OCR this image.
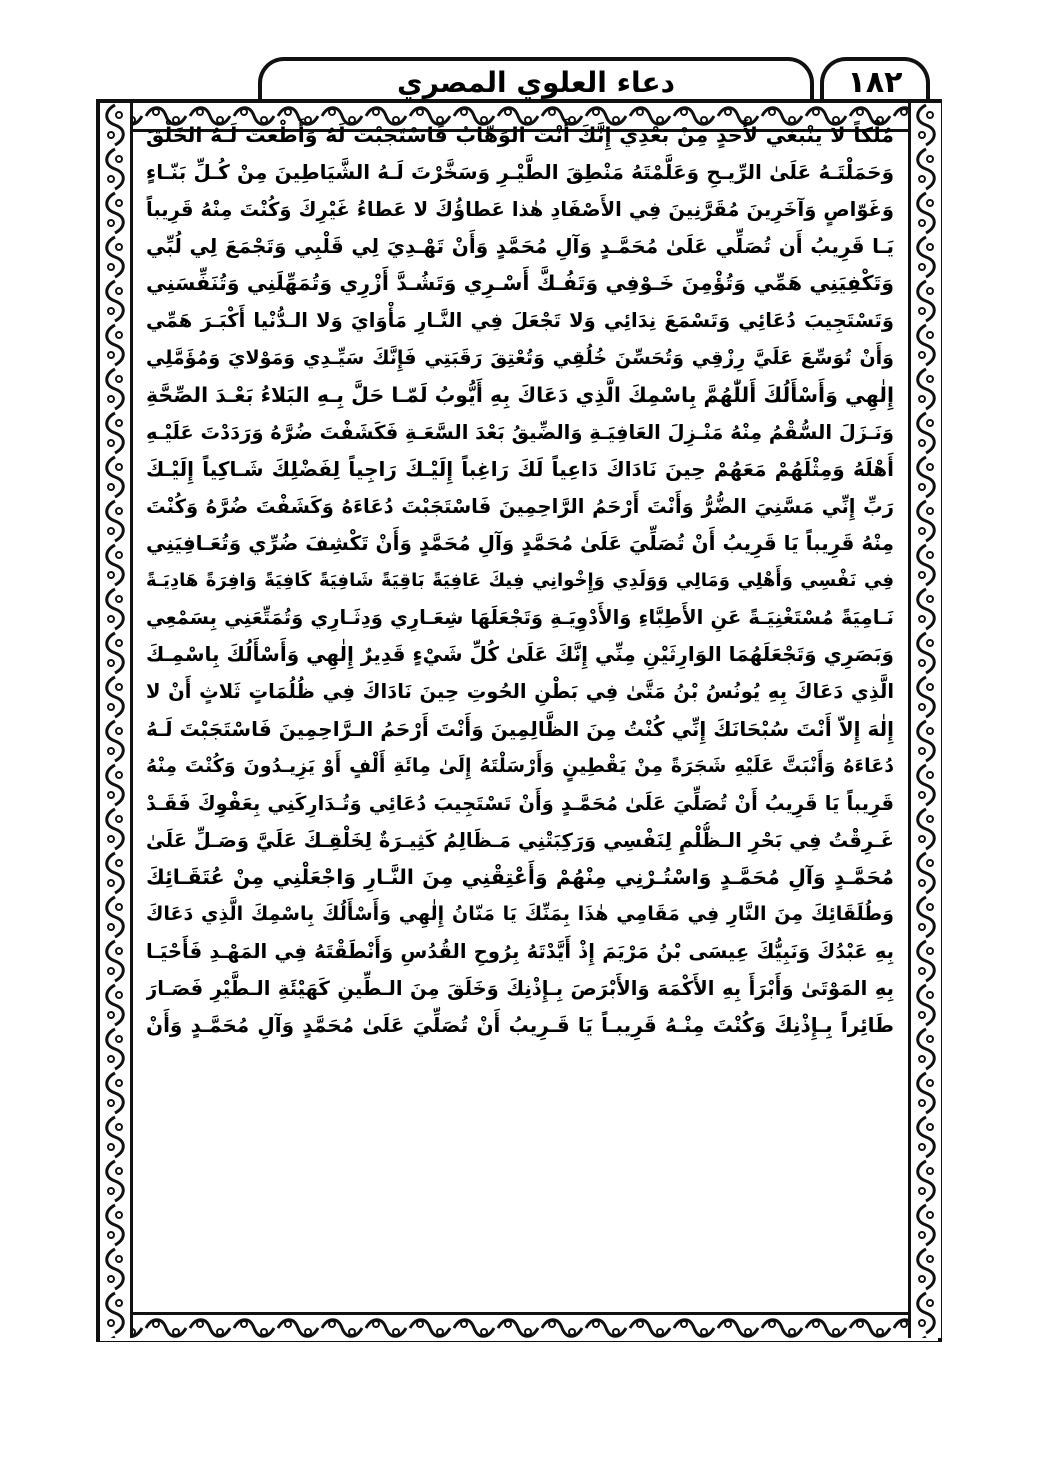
دعاء العلوي المصري	١٨٢
مُلْكاً لا يَنْبَغي لأَحدٍ مِنْ بَعْدِي إِنَّكَ أَنْتَ الوَهّابُ فَاسْتَجَبْتَ لَهُ وَأَطْعَتَ لَـهُ الخَلْقَ
وَحَمَلْتَـهُ عَلَىٰ الرِّيـحِ وَعَلَّمْتَهُ مَنْطِقَ الطَّيْـرِ وَسَخَّرْتَ لَـهُ الشَّيَاطِينَ مِنْ كُـلِّ بَنّـاءٍ
وَغَوّاصٍ وَآخَرِينَ مُقَرَّنِينَ فِي الأَصْفَادِ هٰذا عَطاؤُكَ لا عَطاءُ غَيْرِكَ وَكُنْتَ مِنْهُ قَرِيباً
يَـا قَرِيبُ أَن تُصَلِّي عَلَىٰ مُحَمَّـدٍ وَآلِ مُحَمَّدٍ وَأَنْ تَهْـدِيَ لِي قَلْبِي وَتَجْمَعَ لِي لُبِّي
وَتَكْفِيَنِي هَمِّي وَتُؤْمِنَ خَـوْفِي وَتَفُـكَّ أَسْـرِي وَتَشُـدَّ أَزْرِي وَتُمَهِّلَنِي وَتُنَفِّسَنِي
وَتَسْتَجِيبَ دُعَائِي وَتَسْمَعَ نِدَائِي وَلا تَجْعَلَ فِي النَّـارِ مَأْوَايَ وَلا الـدُّنْيا أَكْبَـرَ هَمِّي
وَأَنْ تُوَسِّعَ عَلَيَّ رِزْقِي وَتُحَسِّنَ خُلُقِي وَتُعْتِقَ رَقَبَتِي فَإِنَّكَ سَيِّـدِي وَمَوْلايَ وَمُؤَمَّلِي
إِلٰهِي وَأَسْأَلُكَ أَللّٰهُمَّ بِاسْمِكَ الَّذِي دَعَاكَ بِهِ أَيُّوبُ لَمّـا حَلَّ بِـهِ البَلاءُ بَعْـدَ الصِّحَّةِ
وَنَـزَلَ السُّقْمُ مِنْهُ مَنْـزِلَ العَافِيَـةِ وَالضِّيقُ بَعْدَ السَّعَـةِ فَكَشَفْتَ ضُرَّهُ وَرَدَدْتَ عَلَيْـهِ
أَهْلَهُ وَمِثْلَهُمْ مَعَهُمْ حِينَ نَادَاكَ دَاعِياً لَكَ رَاغِباً إِلَيْـكَ رَاجِياً لِفَضْلِكَ شَـاكِياً إِلَيْـكَ
رَبِّ إِنِّي مَسَّنِيَ الضُّرُّ وَأَنْتَ أَرْحَمُ الرَّاحِمِينَ فَاسْتَجَبْتَ دُعَاءَهُ وَكَشَفْتَ ضُرَّهُ وَكُنْتَ
مِنْهُ قَرِيباً يَا قَرِيبُ أَنْ تُصَلِّيَ عَلَىٰ مُحَمَّدٍ وَآلِ مُحَمَّدٍ وَأَنْ تَكْشِفَ ضُرِّي وَتُعَـافِيَنِي
فِي نَفْسِي وَأَهْلِي وَمَالِي وَوَلَدِي وَإِخْوانِي فِيكَ عَافِيَةً بَاقِيَةً شَافِيَةً كَافِيَةً وَافِرَةً هَادِيَـةً
نَـامِيَةً مُسْتَغْنِيَـةً عَنِ الأَطِبَّاءِ وَالأَدْوِيَـةِ وَتَجْعَلَهَا شِعَـارِي وَدِثَـارِي وَتُمَتِّعَنِي بِسَمْعِي
وَبَصَرِي وَتَجْعَلَهُمَا الوَارِثَيْنِ مِنِّي إِنَّكَ عَلَىٰ كُلِّ شَيْءٍ قَدِيرٌ إِلٰهِي وَأَسْأَلُكَ بِاسْمِـكَ
الَّذِي دَعَاكَ بِهِ يُونُسُ بْنُ مَتَّىٰ فِي بَطْنِ الحُوتِ حِينَ نَادَاكَ فِي ظُلُمَاتٍ ثَلاثٍ أَنْ لا
إِلٰهَ إِلاّ أَنْتَ سُبْحَانَكَ إِنِّي كُنْتُ مِنَ الظَّالِمِينَ وَأَنْتَ أَرْحَمُ الـرَّاحِمِينَ فَاسْتَجَبْتَ لَـهُ
دُعَاءَهُ وَأَنْبَتَّ عَلَيْهِ شَجَرَةً مِنْ يَقْطِينٍ وَأَرْسَلْتَهُ إِلَىٰ مِائَةِ أَلْفٍ أَوْ يَزِيـدُونَ وَكُنْتَ مِنْهُ
قَرِيباً يَا قَرِيبُ أَنْ تُصَلِّيَ عَلَىٰ مُحَمَّـدٍ وَأَنْ تَسْتَجِيبَ دُعَائِي وَتُـدَارِكَنِي بِعَفْوِكَ فَقَـدْ
غَـرِقْتُ فِي بَحْرِ الـظُّلْمِ لِنَفْسِي وَرَكِبَتْنِي مَـظَالِمُ كَثِيـرَةٌ لِخَلْقِـكَ عَلَيَّ وَصَـلِّ عَلَىٰ
مُحَمَّـدٍ وَآلِ مُحَمَّـدٍ وَاسْتُـرْنِي مِنْهُمْ وَأَعْتِقْنِي مِنَ النَّـارِ وَاجْعَلْنِي مِنْ عُتَقَـائِكَ
وَطُلَقَائِكَ مِنَ النَّارِ فِي مَقَامِي هٰذَا بِمَنِّكَ يَا مَنّانُ إِلٰهِي وَأَسْأَلُكَ بِاسْمِكَ الَّذِي دَعَاكَ
بِهِ عَبْدُكَ وَنَبِيُّكَ عِيسَى بْنُ مَرْيَمَ إِذْ أَيَّدْتَهُ بِرُوحِ القُدُسِ وَأَنْطَقْتَهُ فِي المَهْـدِ فَأَحْيَـا
بِهِ المَوْتَىٰ وَأَبْرَأَ بِهِ الأَكْمَهَ وَالأَبْرَصَ بِـإِذْنِكَ وَخَلَقَ مِنَ الـطِّينِ كَهَيْئَةِ الـطَّيْرِ فَصَـارَ
طَائِراً بِـإِذْنِكَ وَكُنْتَ مِنْـهُ قَرِيبـاً يَا قَـرِيبُ أَنْ تُصَلِّيَ عَلَىٰ مُحَمَّدٍ وَآلِ مُحَمَّـدٍ وَأَنْ
